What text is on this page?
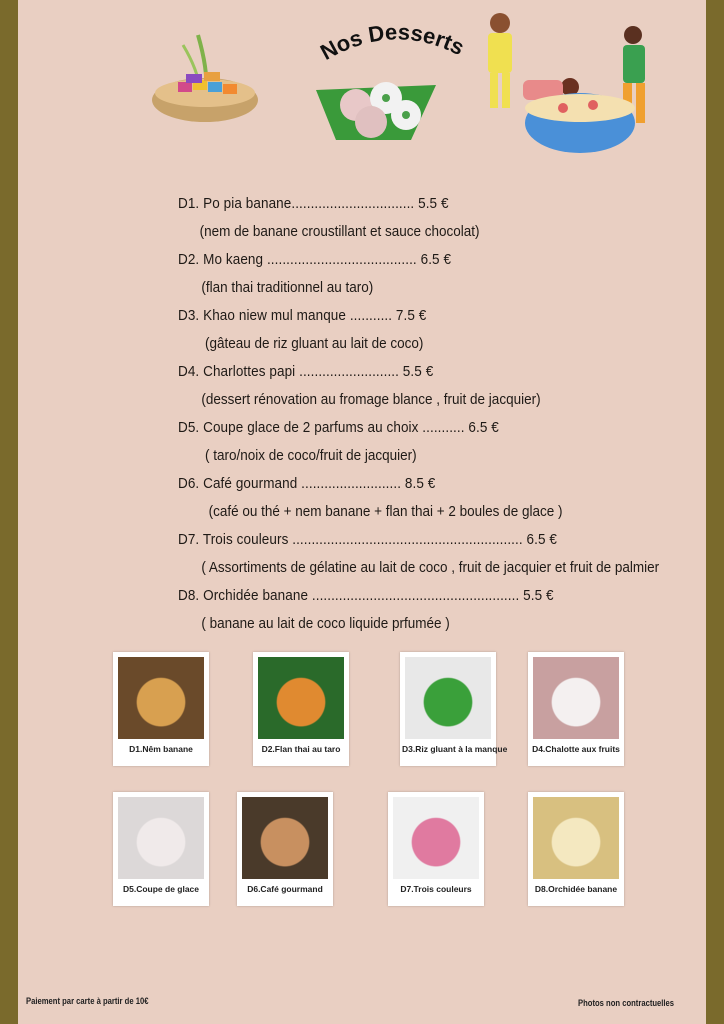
Nos Desserts
D1. Po pia banane................................ 5.5 €
(nem de banane croustillant et sauce chocolat)
D2. Mo kaeng ....................................... 6.5 €
(flan thai traditionnel au taro)
D3. Khao niew mul manque ........... 7.5 €
(gâteau de riz gluant au lait de coco)
D4. Charlottes papi .......................... 5.5 €
(dessert rénovation au fromage blance , fruit de jacquier)
D5. Coupe glace de 2 parfums au choix ........... 6.5 €
( taro/noix de coco/fruit de jacquier)
D6. Café gourmand .......................... 8.5 €
(café ou thé + nem banane + flan thai + 2 boules de glace )
D7. Trois couleurs ............................................................ 6.5 €
( Assortiments de gélatine au lait de coco , fruit de jacquier et fruit de palmier
D8. Orchidée banane ...................................................... 5.5 €
( banane au lait de coco liquide prfumée )
D1.Nêm banane	D2.Flan thai au taro	D3.Riz gluant à la manque	D4.Chalotte aux fruits
D5.Coupe de glace	D6.Café gourmand	D7.Trois couleurs	D8.Orchidée banane
Paiement par carte à partir de 10€	Photos non contractuelles
